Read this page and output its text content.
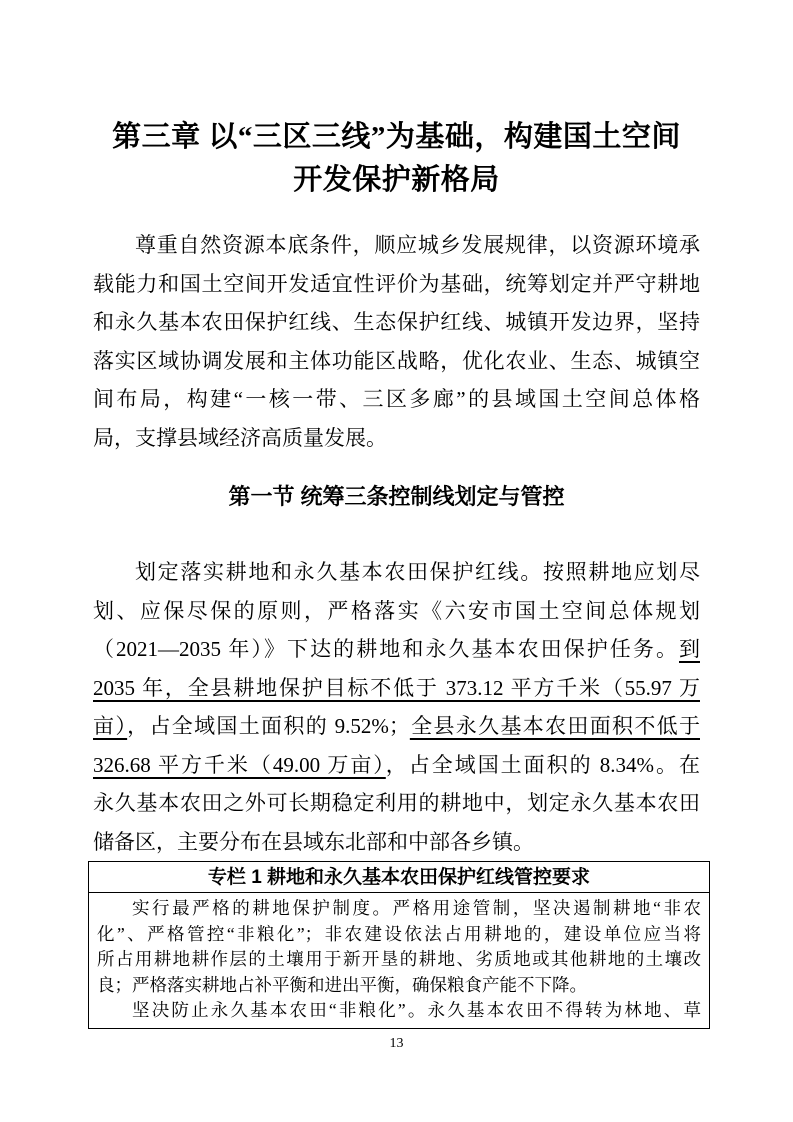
第三章 以“三区三线”为基础，构建国土空间
开发保护新格局
尊重自然资源本底条件，顺应城乡发展规律，以资源环境承
载能力和国土空间开发适宜性评价为基础，统筹划定并严守耕地
和永久基本农田保护红线、生态保护红线、城镇开发边界，坚持
落实区域协调发展和主体功能区战略，优化农业、生态、城镇空
间布局，构建“一核一带、三区多廊”的县域国土空间总体格
局，支撑县域经济高质量发展。
第一节 统筹三条控制线划定与管控
划定落实耕地和永久基本农田保护红线。按照耕地应划尽
划、应保尽保的原则，严格落实《六安市国土空间总体规划
（2021—2035 年）》下达的耕地和永久基本农田保护任务。到
2035 年，全县耕地保护目标不低于 373.12 平方千米（55.97 万
亩），占全域国土面积的 9.52%；全县永久基本农田面积不低于
326.68 平方千米（49.00 万亩），占全域国土面积的 8.34%。在
永久基本农田之外可长期稳定利用的耕地中，划定永久基本农田
储备区，主要分布在县域东北部和中部各乡镇。
专栏 1 耕地和永久基本农田保护红线管控要求
实行最严格的耕地保护制度。严格用途管制，坚决遏制耕地“非农
化”、严格管控“非粮化”；非农建设依法占用耕地的，建设单位应当将
所占用耕地耕作层的土壤用于新开垦的耕地、劣质地或其他耕地的土壤改
良；严格落实耕地占补平衡和进出平衡，确保粮食产能不下降。
坚决防止永久基本农田“非粮化”。永久基本农田不得转为林地、草
13
